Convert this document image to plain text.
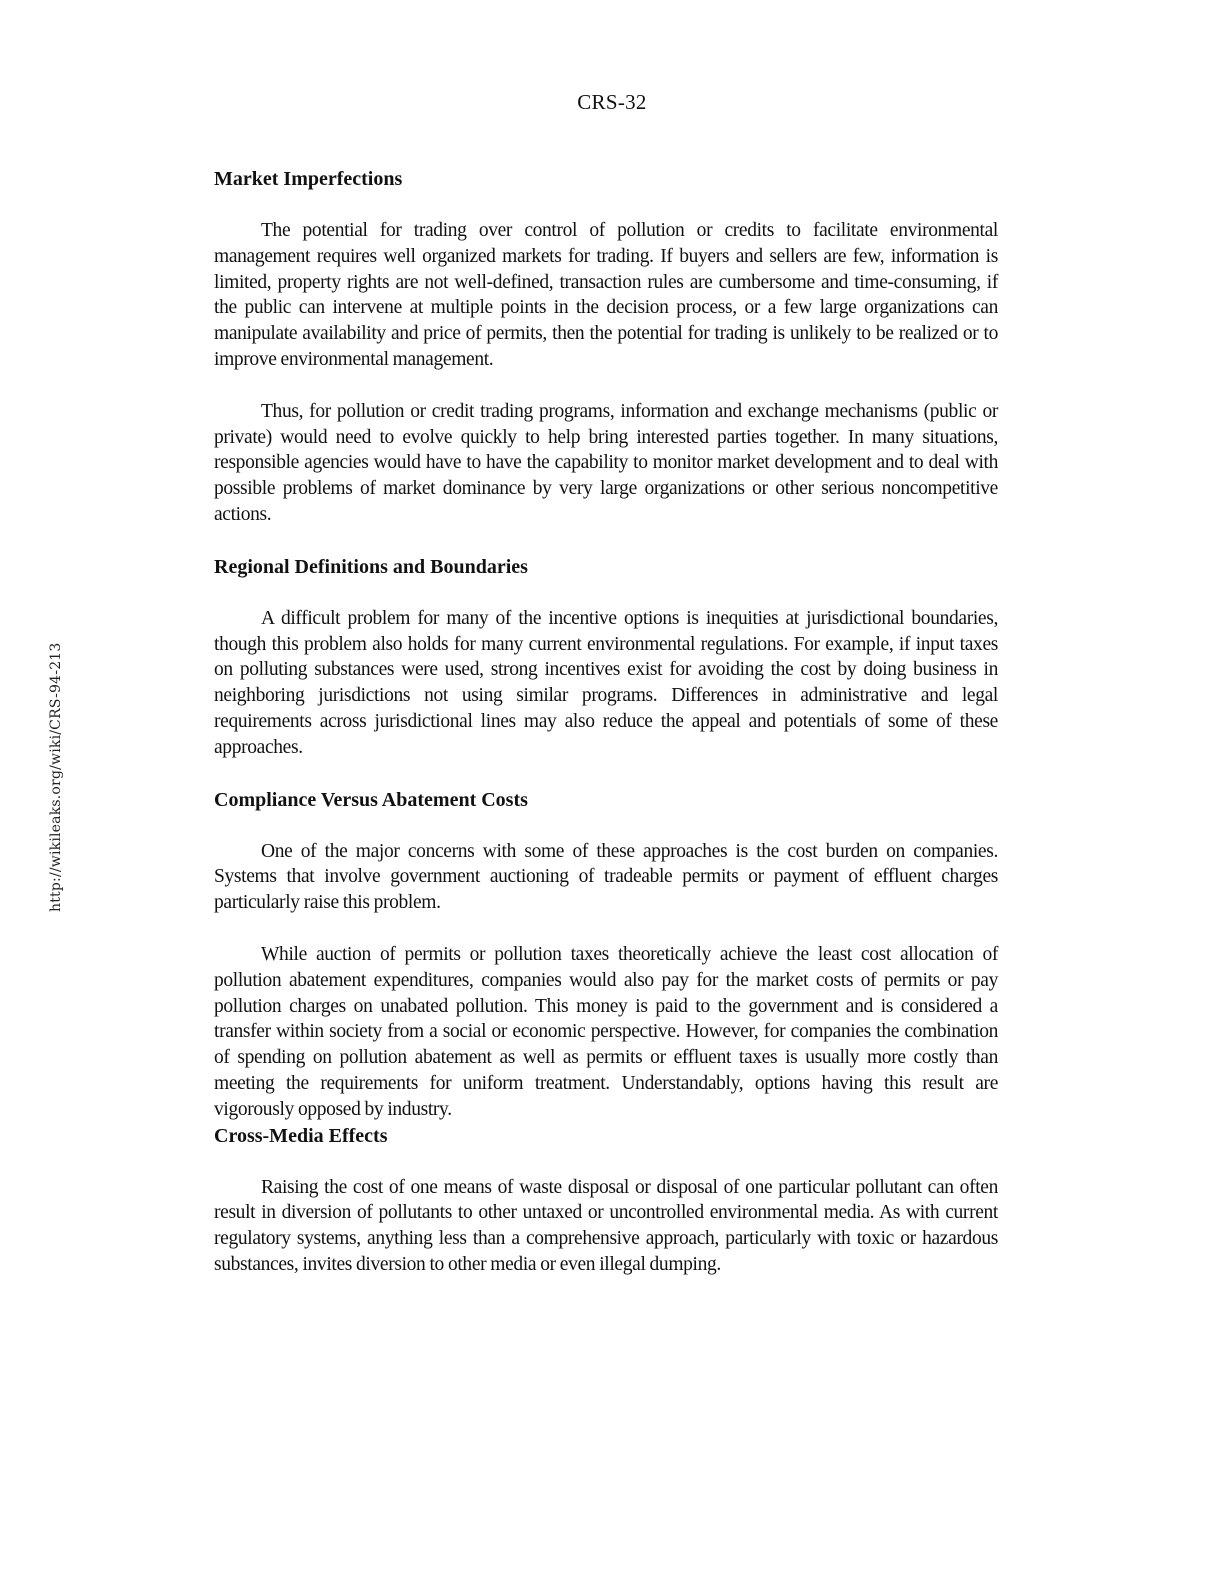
CRS-32
http://wikileaks.org/wiki/CRS-94-213
Market Imperfections

The potential for trading over control of pollution or credits to facilitate environmental management requires well organized markets for trading. If buyers and sellers are few, information is limited, property rights are not well-defined, transaction rules are cumbersome and time-consuming, if the public can intervene at multiple points in the decision process, or a few large organizations can manipulate availability and price of permits, then the potential for trading is unlikely to be realized or to improve environmental management.

Thus, for pollution or credit trading programs, information and exchange mechanisms (public or private) would need to evolve quickly to help bring interested parties together. In many situations, responsible agencies would have to have the capability to monitor market development and to deal with possible problems of market dominance by very large organizations or other serious noncompetitive actions.

Regional Definitions and Boundaries

A difficult problem for many of the incentive options is inequities at jurisdictional boundaries, though this problem also holds for many current environmental regulations. For example, if input taxes on polluting substances were used, strong incentives exist for avoiding the cost by doing business in neighboring jurisdictions not using similar programs. Differences in administrative and legal requirements across jurisdictional lines may also reduce the appeal and potentials of some of these approaches.

Compliance Versus Abatement Costs

One of the major concerns with some of these approaches is the cost burden on companies. Systems that involve government auctioning of tradeable permits or payment of effluent charges particularly raise this problem.

While auction of permits or pollution taxes theoretically achieve the least cost allocation of pollution abatement expenditures, companies would also pay for the market costs of permits or pay pollution charges on unabated pollution. This money is paid to the government and is considered a transfer within society from a social or economic perspective. However, for companies the combination of spending on pollution abatement as well as permits or effluent taxes is usually more costly than meeting the requirements for uniform treatment. Understandably, options having this result are vigorously opposed by industry.

Cross-Media Effects

Raising the cost of one means of waste disposal or disposal of one particular pollutant can often result in diversion of pollutants to other untaxed or uncontrolled environmental media. As with current regulatory systems, anything less than a comprehensive approach, particularly with toxic or hazardous substances, invites diversion to other media or even illegal dumping.
